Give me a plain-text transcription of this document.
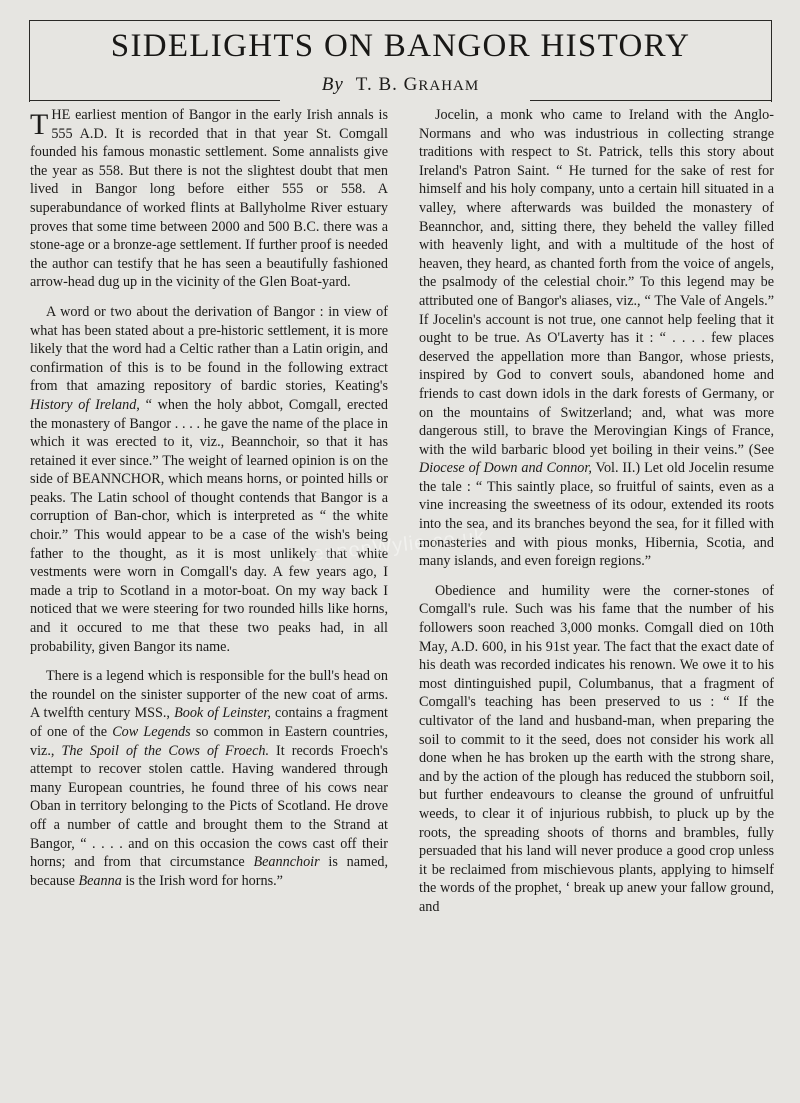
SIDELIGHTS ON BANGOR HISTORY
By T. B. GRAHAM

THE earliest mention of Bangor in the early Irish annals is 555 A.D. It is recorded that in that year St. Comgall founded his famous monastic settlement. Some annalists give the year as 558. But there is not the slightest doubt that men lived in Bangor long before either 555 or 558. A superabundance of worked flints at Ballyholme River estuary proves that some time between 2000 and 500 B.C. there was a stone-age or a bronze-age settlement. If further proof is needed the author can testify that he has seen a beautifully fashioned arrow-head dug up in the vicinity of the Glen Boat-yard.

A word or two about the derivation of Bangor : in view of what has been stated about a pre-historic settlement, it is more likely that the word had a Celtic rather than a Latin origin, and confirmation of this is to be found in the following extract from that amazing repository of bardic stories, Keating's History of Ireland, “ when the holy abbot, Comgall, erected the monastery of Bangor . . . . he gave the name of the place in which it was erected to it, viz., Beannchoir, so that it has retained it ever since.” The weight of learned opinion is on the side of BEANNCHOR, which means horns, or pointed hills or peaks. The Latin school of thought contends that Bangor is a corruption of Ban-chor, which is interpreted as “ the white choir.” This would appear to be a case of the wish's being father to the thought, as it is most unlikely that white vestments were worn in Comgall's day. A few years ago, I made a trip to Scotland in a motor-boat. On my way back I noticed that we were steering for two rounded hills like horns, and it occured to me that these two peaks had, in all probability, given Bangor its name.

There is a legend which is responsible for the bull's head on the roundel on the sinister supporter of the new coat of arms. A twelfth century MSS., Book of Leinster, contains a fragment of one of the Cow Legends so common in Eastern countries, viz., The Spoil of the Cows of Froech. It records Froech's attempt to recover stolen cattle. Having wandered through many European countries, he found three of his cows near Oban in territory belonging to the Picts of Scotland. He drove off a number of cattle and brought them to the Strand at Bangor, “ . . . . and on this occasion the cows cast off their horns; and from that circumstance Beannchoir is named, because Beanna is the Irish word for horns.”

Jocelin, a monk who came to Ireland with the Anglo-Normans and who was industrious in collecting strange traditions with respect to St. Patrick, tells this story about Ireland's Patron Saint. “ He turned for the sake of rest for himself and his holy company, unto a certain hill situated in a valley, where afterwards was builded the monastery of Beannchor, and, sitting there, they beheld the valley filled with heavenly light, and with a multitude of the host of heaven, they heard, as chanted forth from the voice of angels, the psalmody of the celestial choir.” To this legend may be attributed one of Bangor's aliases, viz., “ The Vale of Angels.” If Jocelin's account is not true, one cannot help feeling that it ought to be true. As O'Laverty has it : “ . . . . few places deserved the appellation more than Bangor, whose priests, inspired by God to convert souls, abandoned home and friends to cast down idols in the dark forests of Germany, or on the mountains of Switzerland; and, what was more dangerous still, to brave the Merovingian Kings of France, with the wild barbaric blood yet boiling in their veins.” (See Diocese of Down and Connor, Vol. II.) Let old Jocelin resume the tale : “ This saintly place, so fruitful of saints, even as a vine increasing the sweetness of its odour, extended its roots into the sea, and its branches beyond the sea, for it filled with monasteries and with pious monks, Hibernia, Scotia, and many islands, and even foreign regions.”

Obedience and humility were the corner-stones of Comgall's rule. Such was his fame that the number of his followers soon reached 3,000 monks. Comgall died on 10th May, A.D. 600, in his 91st year. The fact that the exact date of his death was recorded indicates his renown. We owe it to his most dintinguished pupil, Columbanus, that a fragment of Comgall's teaching has been preserved to us : “ If the cultivator of the land and husband-man, when preparing the soil to commit to it the seed, does not consider his work all done when he has broken up the earth with the strong share, and by the action of the plough has reduced the stubborn soil, but further endeavours to cleanse the ground of unfruitful weeds, to clear it of injurious rubbish, to pluck up by the roots, the spreading shoots of thorns and brambles, fully persuaded that his land will never produce a good crop unless it be reclaimed from mischievous plants, applying to himself the words of the prophet, ‘ break up anew your fallow ground, and

LennonWylie.co.uk
